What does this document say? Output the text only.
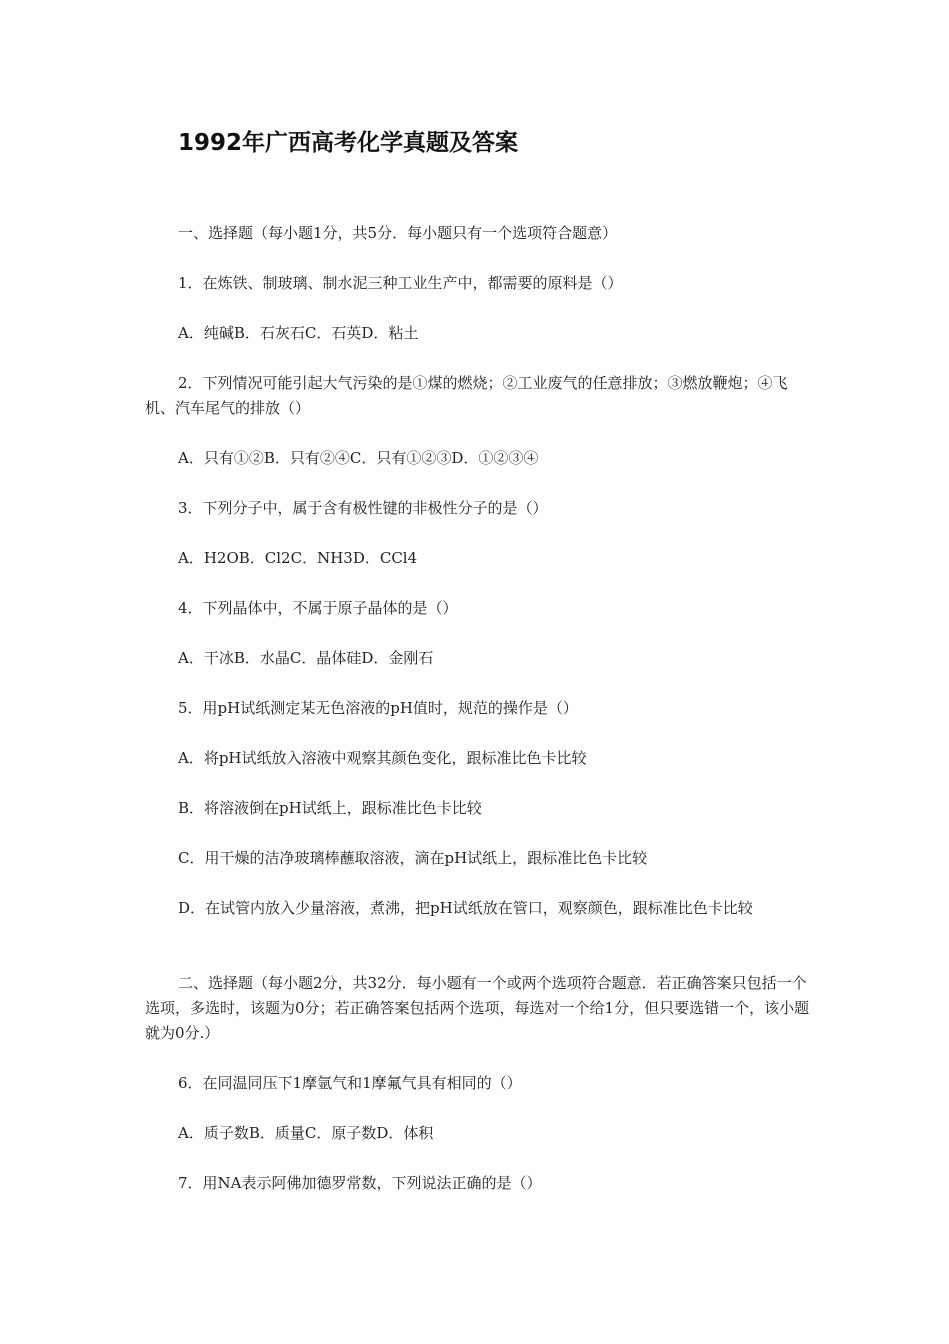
1992年广西高考化学真题及答案
一、选择题（每小题1分，共5分．每小题只有一个选项符合题意）
1．在炼铁、制玻璃、制水泥三种工业生产中，都需要的原料是（）
A．纯碱B．石灰石C．石英D．粘土
2．下列情况可能引起大气污染的是①煤的燃烧；②工业废气的任意排放；③燃放鞭炮；④飞机、汽车尾气的排放（）
A．只有①②B．只有②④C．只有①②③D．①②③④
3．下列分子中，属于含有极性键的非极性分子的是（）
A．H2OB．Cl2C．NH3D．CCl4
4．下列晶体中，不属于原子晶体的是（）
A．干冰B．水晶C．晶体硅D．金刚石
5．用pH试纸测定某无色溶液的pH值时，规范的操作是（）
A．将pH试纸放入溶液中观察其颜色变化，跟标准比色卡比较
B．将溶液倒在pH试纸上，跟标准比色卡比较
C．用干燥的洁净玻璃棒蘸取溶液，滴在pH试纸上，跟标准比色卡比较
D．在试管内放入少量溶液，煮沸，把pH试纸放在管口，观察颜色，跟标准比色卡比较
二、选择题（每小题2分，共32分．每小题有一个或两个选项符合题意．若正确答案只包括一个选项，多选时，该题为0分；若正确答案包括两个选项，每选对一个给1分，但只要选错一个，该小题就为0分.）
6．在同温同压下1摩氩气和1摩氟气具有相同的（）
A．质子数B．质量C．原子数D．体积
7．用NA表示阿佛加德罗常数，下列说法正确的是（）
